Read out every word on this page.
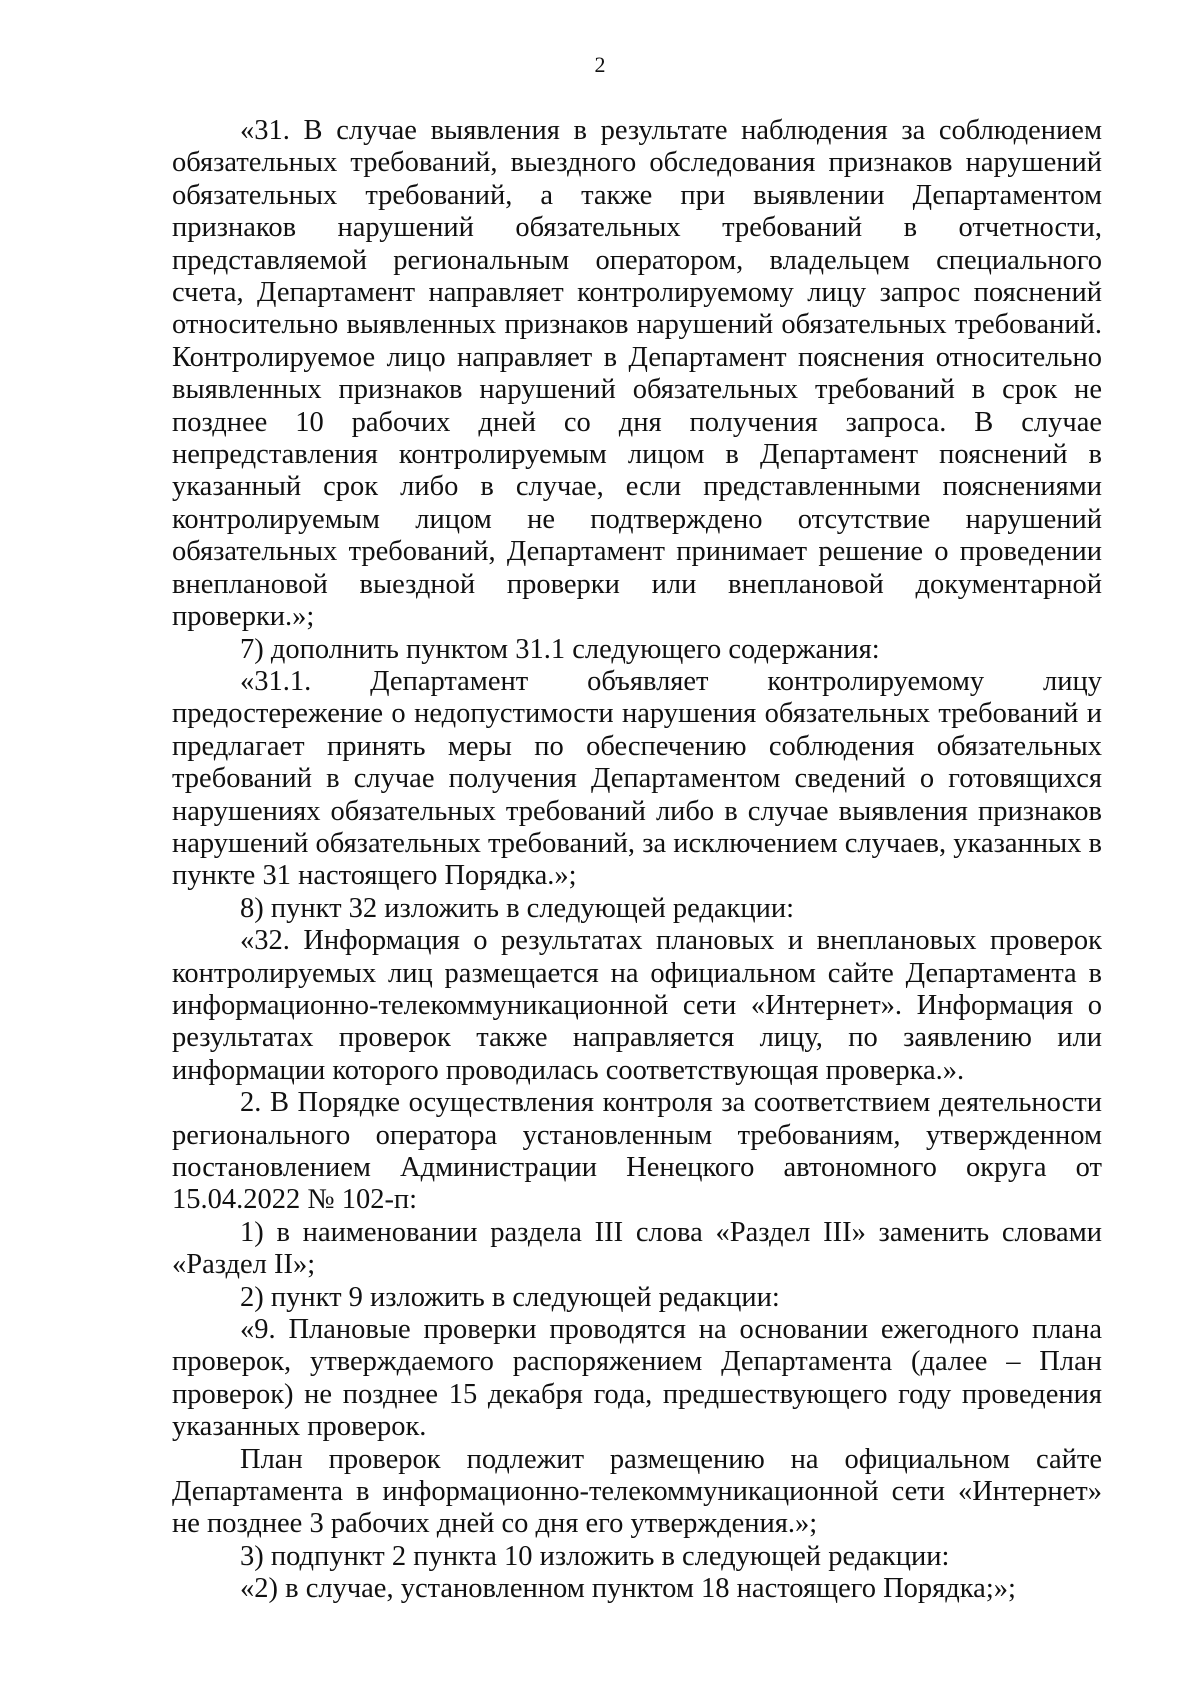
2

«31. В случае выявления в результате наблюдения за соблюдением обязательных требований, выездного обследования признаков нарушений обязательных требований, а также при выявлении Департаментом признаков нарушений обязательных требований в отчетности, представляемой региональным оператором, владельцем специального счета, Департамент направляет контролируемому лицу запрос пояснений относительно выявленных признаков нарушений обязательных требований. Контролируемое лицо направляет в Департамент пояснения относительно выявленных признаков нарушений обязательных требований в срок не позднее 10 рабочих дней со дня получения запроса. В случае непредставления контролируемым лицом в Департамент пояснений в указанный срок либо в случае, если представленными пояснениями контролируемым лицом не подтверждено отсутствие нарушений обязательных требований, Департамент принимает решение о проведении внеплановой выездной проверки или внеплановой документарной проверки.»;

7) дополнить пунктом 31.1 следующего содержания:

«31.1. Департамент объявляет контролируемому лицу предостережение о недопустимости нарушения обязательных требований и предлагает принять меры по обеспечению соблюдения обязательных требований в случае получения Департаментом сведений о готовящихся нарушениях обязательных требований либо в случае выявления признаков нарушений обязательных требований, за исключением случаев, указанных в пункте 31 настоящего Порядка.»;

8) пункт 32 изложить в следующей редакции:

«32. Информация о результатах плановых и внеплановых проверок контролируемых лиц размещается на официальном сайте Департамента в информационно-телекоммуникационной сети «Интернет». Информация о результатах проверок также направляется лицу, по заявлению или информации которого проводилась соответствующая проверка.».

2. В Порядке осуществления контроля за соответствием деятельности регионального оператора установленным требованиям, утвержденном постановлением Администрации Ненецкого автономного округа от 15.04.2022 № 102-п:

1) в наименовании раздела III слова «Раздел III» заменить словами «Раздел II»;

2) пункт 9 изложить в следующей редакции:

«9. Плановые проверки проводятся на основании ежегодного плана проверок, утверждаемого распоряжением Департамента (далее – План проверок) не позднее 15 декабря года, предшествующего году проведения указанных проверок.

План проверок подлежит размещению на официальном сайте Департамента в информационно-телекоммуникационной сети «Интернет» не позднее 3 рабочих дней со дня его утверждения.»;

3) подпункт 2 пункта 10 изложить в следующей редакции:

«2) в случае, установленном пунктом 18 настоящего Порядка;»;
